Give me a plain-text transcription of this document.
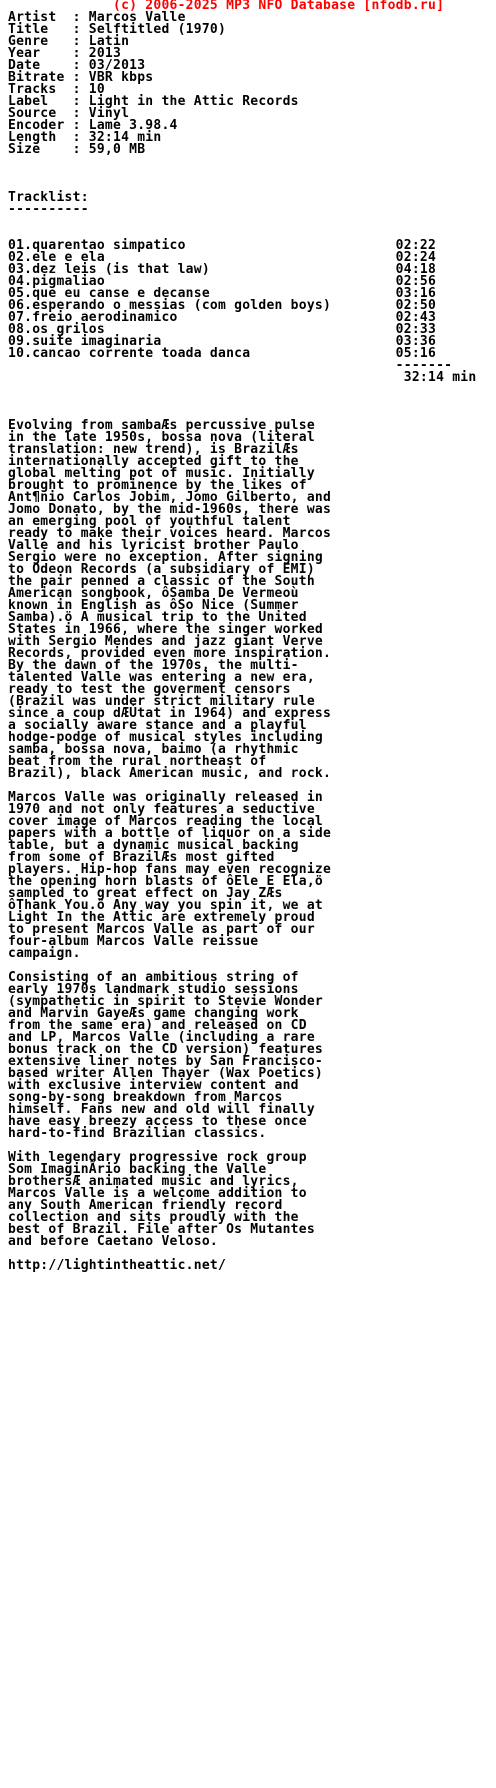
(c) 2006-2025 MP3 NFO Database [nfodb.ru]
Artist  : Marcos Valle
Title   : Selftitled (1970)
Genre   : Latin
Year    : 2013
Date    : 03/2013
Bitrate : VBR kbps
Tracks  : 10
Label   : Light in the Attic Records
Source  : Vinyl
Encoder : Lame 3.98.4
Length  : 32:14 min
Size    : 59,0 MB
Tracklist:
----------
01.quarentao simpatico                          02:22
02.ele e ela                                    02:24
03.dez leis (is that law)                       04:18
04.pigmaliao                                    02:56
05.que eu canse e decanse                       03:16
06.esperando o messias (com golden boys)        02:50
07.freio aerodinamico                           02:43
08.os grilos                                    02:33
09.suite imaginaria                             03:36
10.cancao corrente toada danca                  05:16
-------
32:14 min
Evolving from sambaÆs percussive pulse
in the late 1950s, bossa nova (literal
translation: new trend), is BrazilÆs
internationally accepted gift to the
global melting pot of music. Initially
brought to prominence by the likes of
Ant¶nio Carlos Jobim, Jomo Gilberto, and
Jomo Donato, by the mid-1960s, there was
an emerging pool of youthful talent
ready to make their voices heard. Marcos
Valle and his lyricist brother Paulo
Sergio were no exception. After signing
to Odeon Records (a subsidiary of EMI)
the pair penned a classic of the South
American songbook, ôSamba De Vermeoù
known in English as ôSo Nice (Summer
Samba).ö A musical trip to the United
States in 1966, where the singer worked
with Sergio Mendes and jazz giant Verve
Records, provided even more inspiration.
By the dawn of the 1970s, the multi-
talented Valle was entering a new era,
ready to test the goverment censors
(Brazil was under strict military rule
since a coup dÆÚtat in 1964) and express
a socially aware stance and a playful
hodge-podge of musical styles including
samba, bossa nova, baimo (a rhythmic
beat from the rural northeast of
Brazil), black American music, and rock.
Marcos Valle was originally released in
1970 and not only features a seductive
cover image of Marcos reading the local
papers with a bottle of liquor on a side
table, but a dynamic musical backing
from some of BrazilÆs most gifted
players. Hip-hop fans may even recognize
the opening horn blasts of ôEle E Ela,ö
sampled to great effect on Jay ZÆs
ôThank You.ö Any way you spin it, we at
Light In the Attic are extremely proud
to present Marcos Valle as part of our
four-album Marcos Valle reissue
campaign.
Consisting of an ambitious string of
early 1970s landmark studio sessions
(sympathetic in spirit to Stevie Wonder
and Marvin GayeÆs game changing work
from the same era) and released on CD
and LP, Marcos Valle (including a rare
bonus track on the CD version) features
extensive liner notes by San Francisco-
based writer Allen Thayer (Wax Poetics)
with exclusive interview content and
song-by-song breakdown from Marcos
himself. Fans new and old will finally
have easy breezy access to these once
hard-to-find Brazilian classics.
With legendary progressive rock group
Som ImaginÃrio backing the Valle
brothersÆ animated music and lyrics,
Marcos Valle is a welcome addition to
any South American friendly record
collection and sits proudly with the
best of Brazil. File after Os Mutantes
and before Caetano Veloso.
http://lightintheattic.net/
